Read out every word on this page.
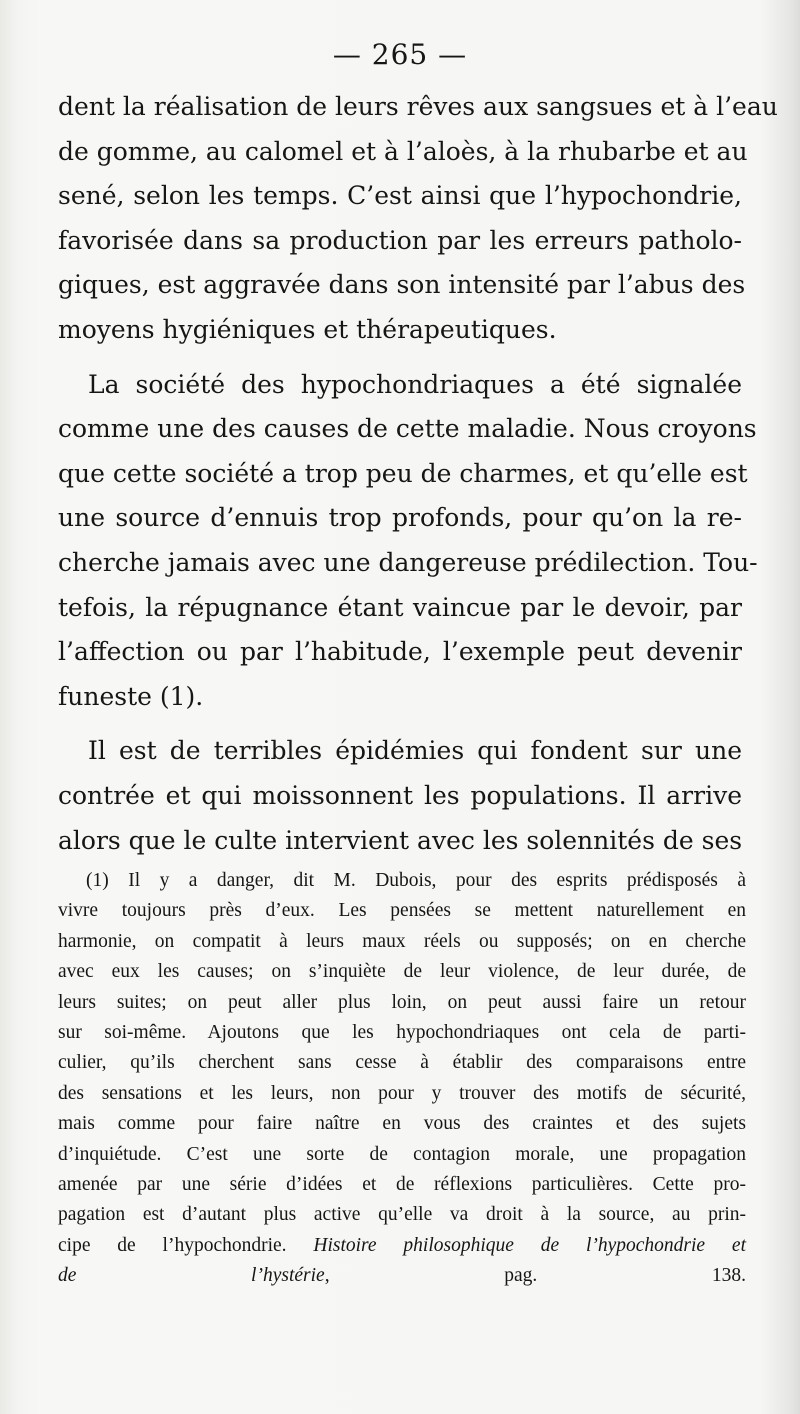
— 265 —

dent la réalisation de leurs rêves aux sangsues et à l’eau
de gomme, au calomel et à l’aloès, à la rhubarbe et au
sené, selon les temps. C’est ainsi que l’hypochondrie,
favorisée dans sa production par les erreurs patholo-
giques, est aggravée dans son intensité par l’abus des
moyens hygiéniques et thérapeutiques.

La société des hypochondriaques a été signalée
comme une des causes de cette maladie. Nous croyons
que cette société a trop peu de charmes, et qu’elle est
une source d’ennuis trop profonds, pour qu’on la re-
cherche jamais avec une dangereuse prédilection. Tou-
tefois, la répugnance étant vaincue par le devoir, par
l’affection ou par l’habitude, l’exemple peut devenir
funeste (1).

Il est de terribles épidémies qui fondent sur une
contrée et qui moissonnent les populations. Il arrive
alors que le culte intervient avec les solennités de ses

(1) Il y a danger, dit M. Dubois, pour des esprits prédisposés à
vivre toujours près d’eux. Les pensées se mettent naturellement en
harmonie, on compatit à leurs maux réels ou supposés; on en cherche
avec eux les causes; on s’inquiète de leur violence, de leur durée, de
leurs suites; on peut aller plus loin, on peut aussi faire un retour
sur soi-même. Ajoutons que les hypochondriaques ont cela de parti-
culier, qu’ils cherchent sans cesse à établir des comparaisons entre
des sensations et les leurs, non pour y trouver des motifs de sécurité,
mais comme pour faire naître en vous des craintes et des sujets
d’inquiétude. C’est une sorte de contagion morale, une propagation
amenée par une série d’idées et de réflexions particulières. Cette pro-
pagation est d’autant plus active qu’elle va droit à la source, au prin-
cipe de l’hypochondrie. Histoire philosophique de l’hypochondrie et
de l’hystérie, pag. 138.
